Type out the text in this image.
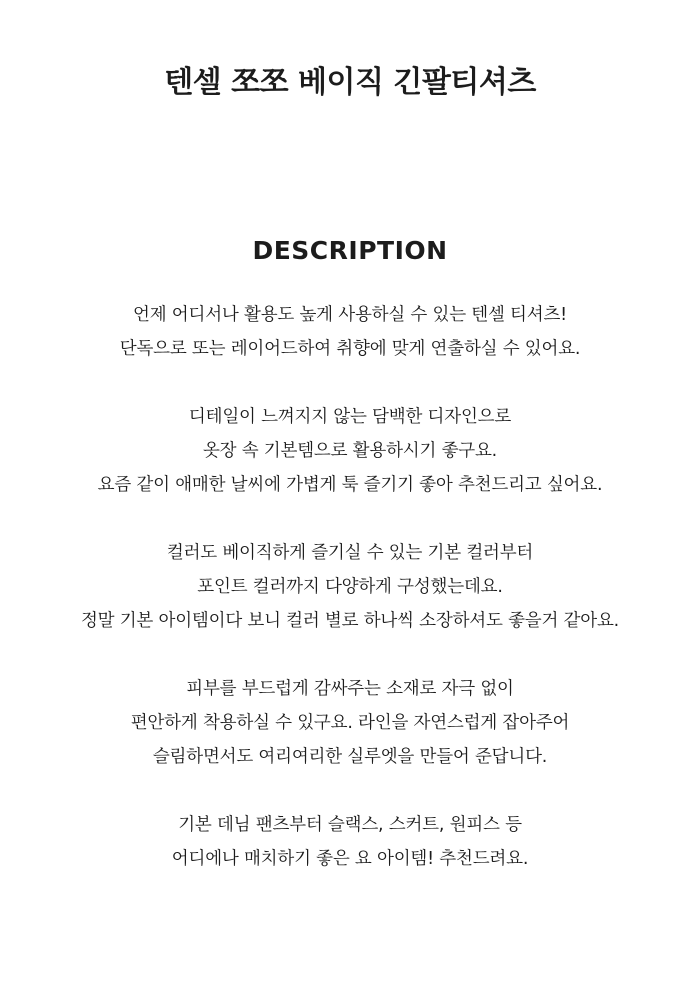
텐셀 쪼쪼 베이직 긴팔티셔츠
DESCRIPTION

언제 어디서나 활용도 높게 사용하실 수 있는 텐셀 티셔츠!
단독으로 또는 레이어드하여 취향에 맞게 연출하실 수 있어요.

디테일이 느껴지지 않는 담백한 디자인으로
옷장 속 기본템으로 활용하시기 좋구요.
요즘 같이 애매한 날씨에 가볍게 툭 즐기기 좋아 추천드리고 싶어요.

컬러도 베이직하게 즐기실 수 있는 기본 컬러부터
포인트 컬러까지 다양하게 구성했는데요.
정말 기본 아이템이다 보니 컬러 별로 하나씩 소장하셔도 좋을거 같아요.

피부를 부드럽게 감싸주는 소재로 자극 없이
편안하게 착용하실 수 있구요. 라인을 자연스럽게 잡아주어
슬림하면서도 여리여리한 실루엣을 만들어 준답니다.

기본 데님 팬츠부터 슬랙스, 스커트, 원피스 등
어디에나 매치하기 좋은 요 아이템! 추천드려요.
